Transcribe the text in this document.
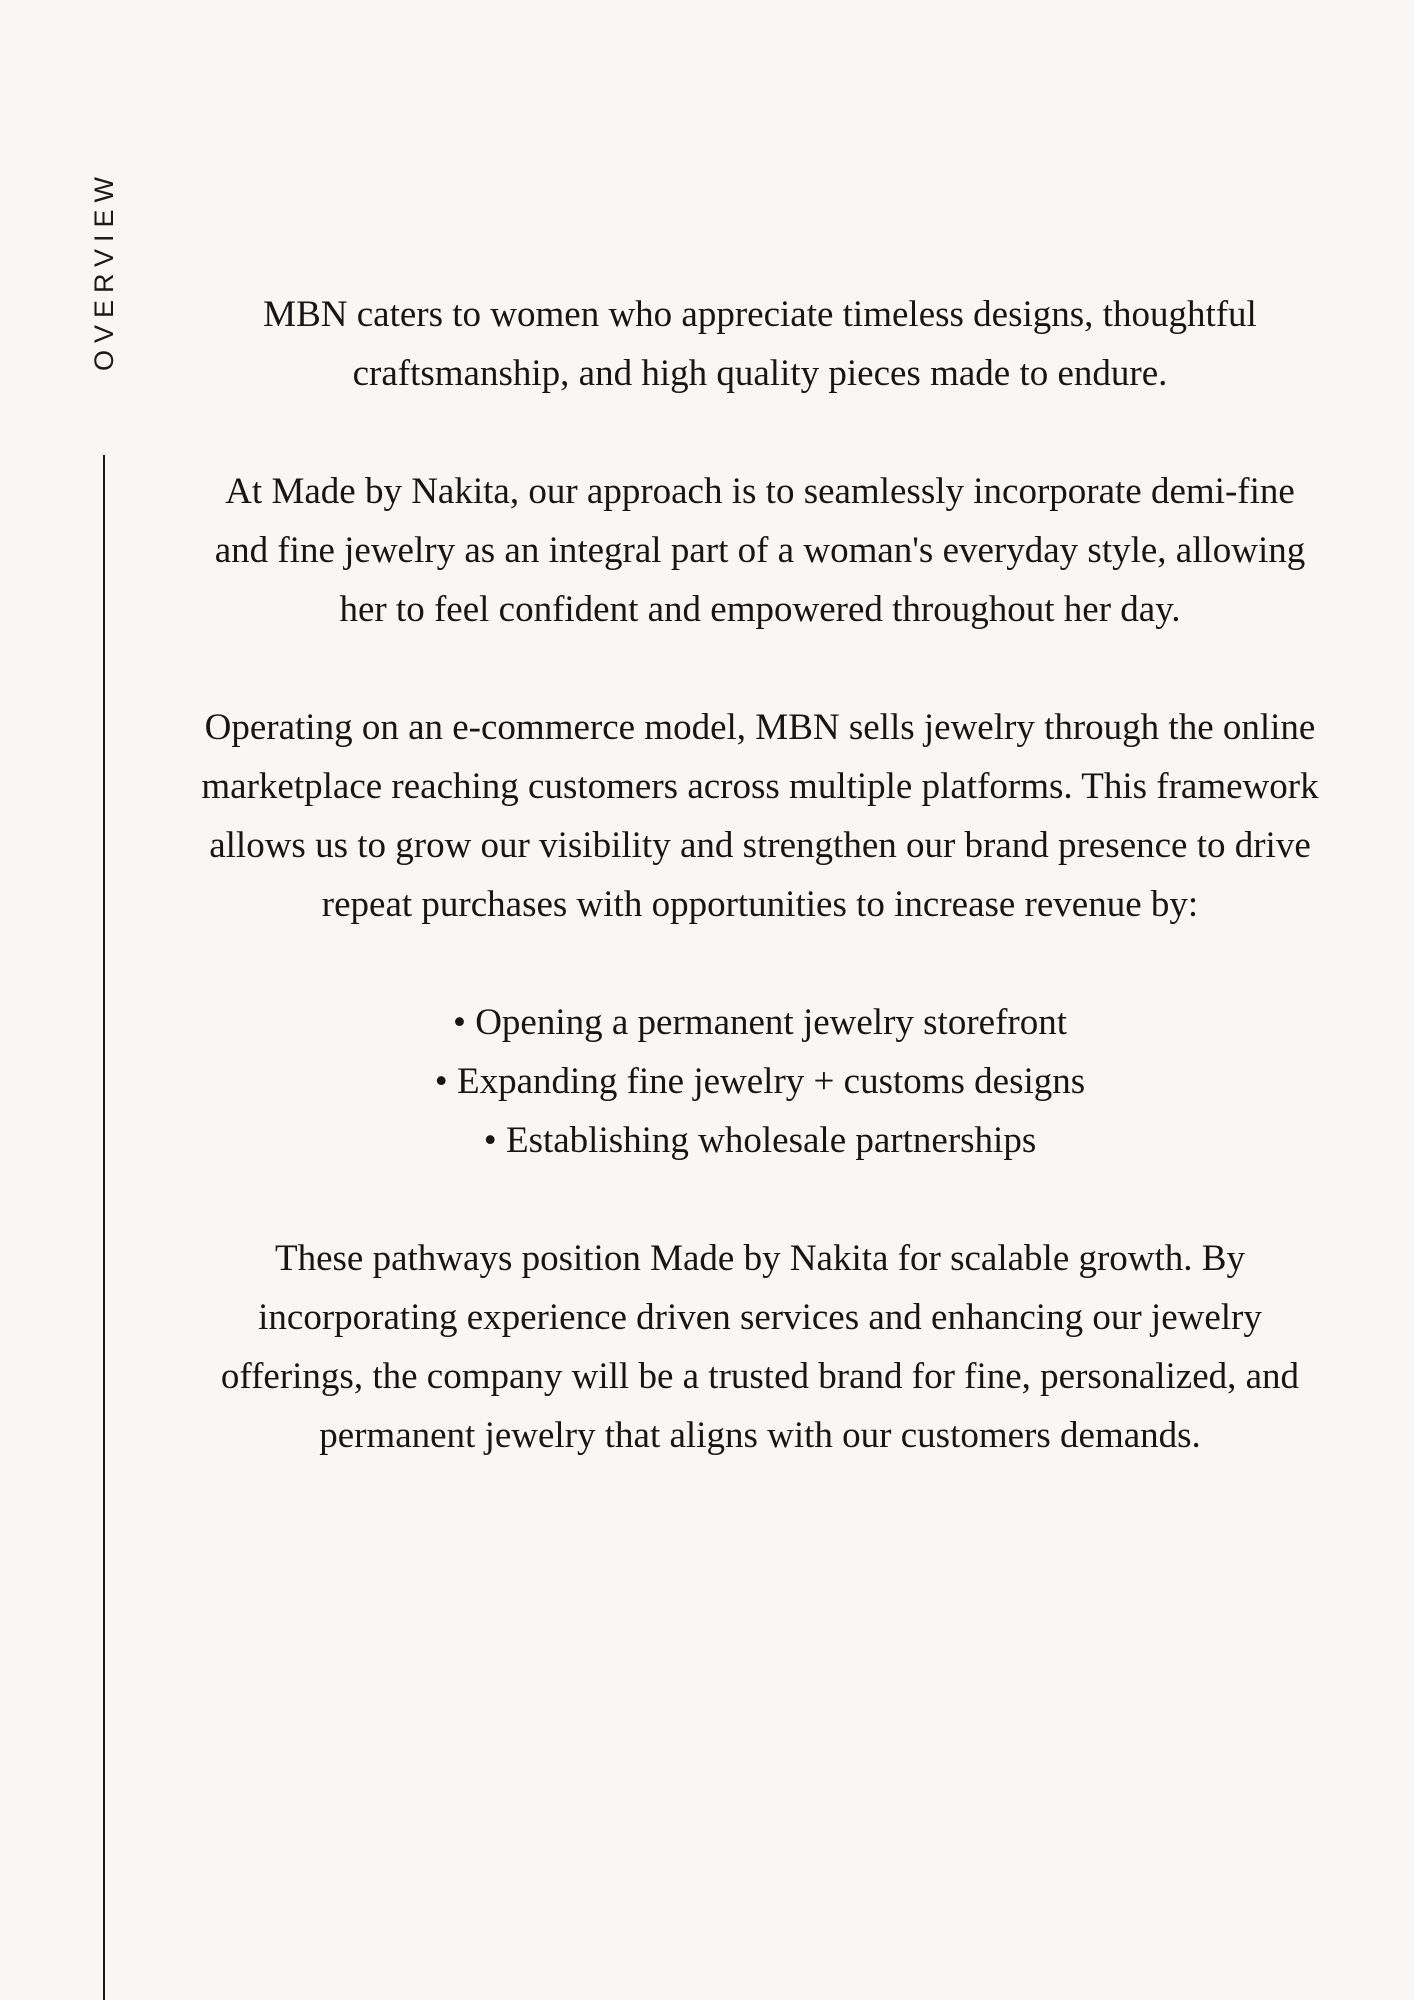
OVERVIEW	MBN caters to women who appreciate timeless designs, thoughtful craftsmanship, and high quality pieces made to endure.

At Made by Nakita, our approach is to seamlessly incorporate demi-fine and fine jewelry as an integral part of a woman's everyday style, allowing her to feel confident and empowered throughout her day.

Operating on an e-commerce model, MBN sells jewelry through the online marketplace reaching customers across multiple platforms. This framework allows us to grow our visibility and strengthen our brand presence to drive repeat purchases with opportunities to increase revenue by:

• Opening a permanent jewelry storefront
• Expanding fine jewelry + customs designs
• Establishing wholesale partnerships

These pathways position Made by Nakita for scalable growth. By incorporating experience driven services and enhancing our jewelry offerings, the company will be a trusted brand for fine, personalized, and permanent jewelry that aligns with our customers demands.
